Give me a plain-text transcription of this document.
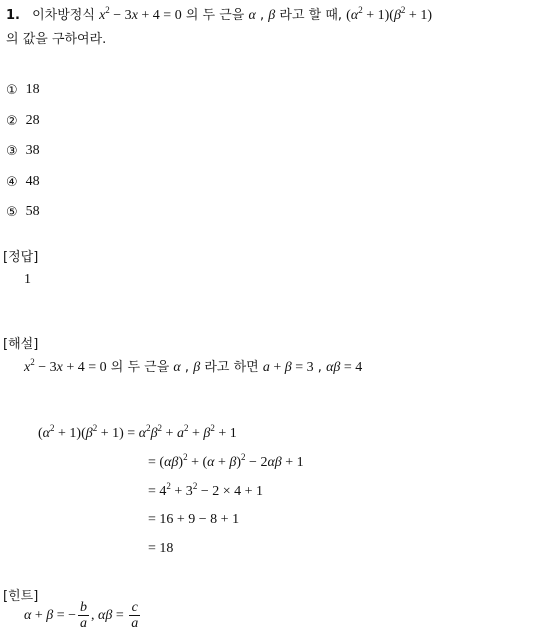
1. 이차방정식 $x^2 - 3x + 4 = 0$ 의 두 근을 α , β 라고 할 때, $(\alpha^2 + 1)(\beta^2 + 1)$
의 값을 구하여라.
① 18
② 28
③ 38
④ 48
⑤ 58
[정답]
1
[해설]
$x^2 - 3x + 4 = 0$ 의 두 근을 α , β 라고 하면 a + β = 3 , αβ = 4
$(\alpha^2 + 1)(\beta^2 + 1) = \alpha^2\beta^2 + a^2 + \beta^2 + 1$
= $(\alpha\beta)^2 + (\alpha + \beta)^2 - 2\alpha\beta + 1$
= $4^2 + 3^2 - 2 \times 4 + 1$
= 16 + 9 − 8 + 1
= 18
[힌트]
α + β = − $\frac{b}{a}$ , $\alpha\beta = \frac{c}{a}$
